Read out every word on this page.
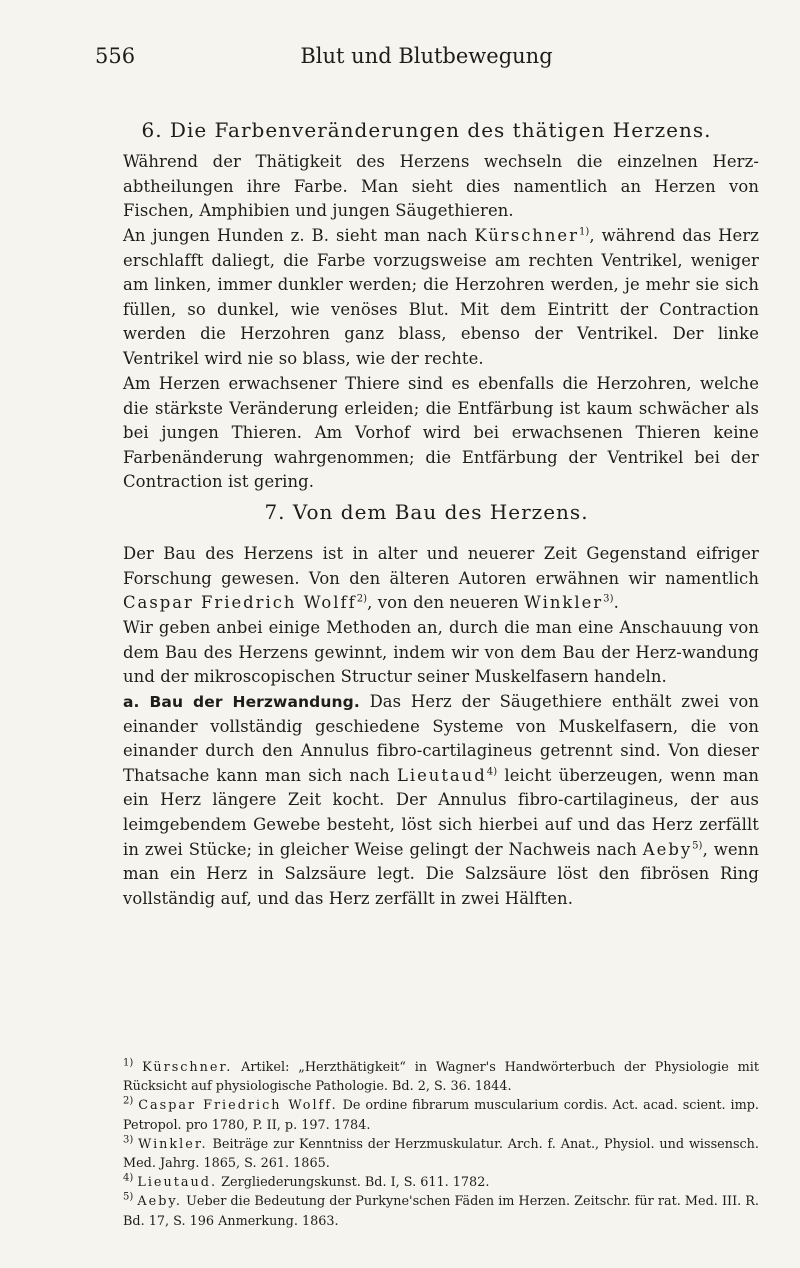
556	Blut und Blutbewegung
6. Die Farbenveränderungen des thätigen Herzens.
Während der Thätigkeit des Herzens wechseln die einzelnen Herz-abtheilungen ihre Farbe. Man sieht dies namentlich an Herzen von Fischen, Amphibien und jungen Säugethieren.
An jungen Hunden z. B. sieht man nach Kürschner$^{1)}$, während das Herz erschlafft daliegt, die Farbe vorzugsweise am rechten Ventrikel, weniger am linken, immer dunkler werden; die Herzohren werden, je mehr sie sich füllen, so dunkel, wie venöses Blut. Mit dem Eintritt der Contraction werden die Herzohren ganz blass, ebenso der Ventrikel. Der linke Ventrikel wird nie so blass, wie der rechte.
Am Herzen erwachsener Thiere sind es ebenfalls die Herzohren, welche die stärkste Veränderung erleiden; die Entfärbung ist kaum schwächer als bei jungen Thieren. Am Vorhof wird bei erwachsenen Thieren keine Farbenänderung wahrgenommen; die Entfärbung der Ventrikel bei der Contraction ist gering.
7. Von dem Bau des Herzens.
Der Bau des Herzens ist in alter und neuerer Zeit Gegenstand eifriger Forschung gewesen. Von den älteren Autoren erwähnen wir namentlich Caspar Friedrich Wolff$^{2)}$, von den neueren Winkler$^{3)}$.
Wir geben anbei einige Methoden an, durch die man eine Anschauung von dem Bau des Herzens gewinnt, indem wir von dem Bau der Herz-wandung und der mikroscopischen Structur seiner Muskelfasern handeln.
a. Bau der Herzwandung. Das Herz der Säugethiere enthält zwei von einander vollständig geschiedene Systeme von Muskelfasern, die von einander durch den Annulus fibro-cartilagineus getrennt sind. Von dieser Thatsache kann man sich nach Lieutaud$^{4)}$ leicht überzeugen, wenn man ein Herz längere Zeit kocht. Der Annulus fibro-cartilagineus, der aus leimgebendem Gewebe besteht, löst sich hierbei auf und das Herz zerfällt in zwei Stücke; in gleicher Weise gelingt der Nachweis nach Aeby$^{5)}$, wenn man ein Herz in Salzsäure legt. Die Salzsäure löst den fibrösen Ring vollständig auf, und das Herz zerfällt in zwei Hälften.

$^{1)}$ Kürschner. Artikel: „Herzthätigkeit“ in Wagner's Handwörterbuch der Physiologie mit Rücksicht auf physiologische Pathologie. Bd. 2, S. 36. 1844.

$^{2)}$ Caspar Friedrich Wolff. De ordine fibrarum muscularium cordis. Act. acad. scient. imp. Petropol. pro 1780, P. II, p. 197. 1784.

$^{3)}$ Winkler. Beiträge zur Kenntniss der Herzmuskulatur. Arch. f. Anat., Physiol. und wissensch. Med. Jahrg. 1865, S. 261. 1865.

$^{4)}$ Lieutaud. Zergliederungskunst. Bd. I, S. 611. 1782.

$^{5)}$ Aeby. Ueber die Bedeutung der Purkyne'schen Fäden im Herzen. Zeitschr. für rat. Med. III. R. Bd. 17, S. 196 Anmerkung. 1863.
